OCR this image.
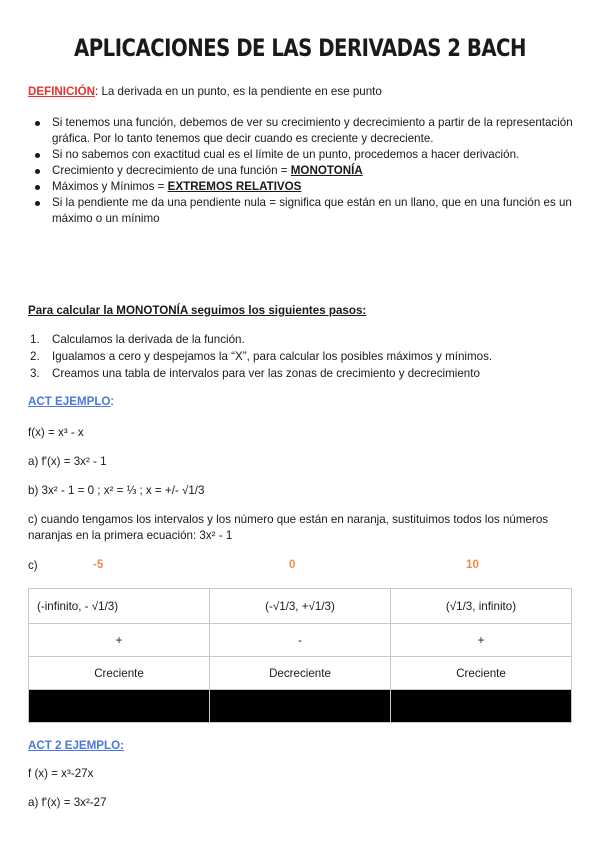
APLICACIONES DE LAS DERIVADAS 2 BACH
DEFINICIÓN: La derivada en un punto, es la pendiente en ese punto
Si tenemos una función, debemos de ver su crecimiento y decrecimiento a partir de la representación gráfica. Por lo tanto tenemos que decir cuando es creciente y decreciente.
Si no sabemos con exactitud cual es el límite de un punto, procedemos a hacer derivación.
Crecimiento y decrecimiento de una función = MONOTONÍA
Máximos y Mínimos = EXTREMOS RELATIVOS
Si la pendiente me da una pendiente nula = significa que están en un llano, que en una función es un máximo o un mínimo
Para calcular la MONOTONÍA seguimos los siguientes pasos:
1.	Calculamos la derivada de la función.
2.	Igualamos a cero y despejamos la “X”, para calcular los posibles máximos y mínimos.
3.	Creamos una tabla de intervalos para ver las zonas de crecimiento y decrecimiento
ACT EJEMPLO:
f(x) = x³ - x
a) f'(x) = 3x² - 1
b) 3x² - 1 = 0 ; x² = ⅓ ; x = +/- √1/3
c) cuando tengamos los intervalos y los número que están en naranja, sustituimos todos los números naranjas en la primera ecuación: 3x² - 1
c)	-5	0	10
(-infinito, - √1/3)	(-√1/3, +√1/3)	(√1/3, infinito)
+	-	+
Creciente	Decreciente	Creciente

ACT 2 EJEMPLO:
f (x) = x³-27x
a) f'(x) = 3x²-27
